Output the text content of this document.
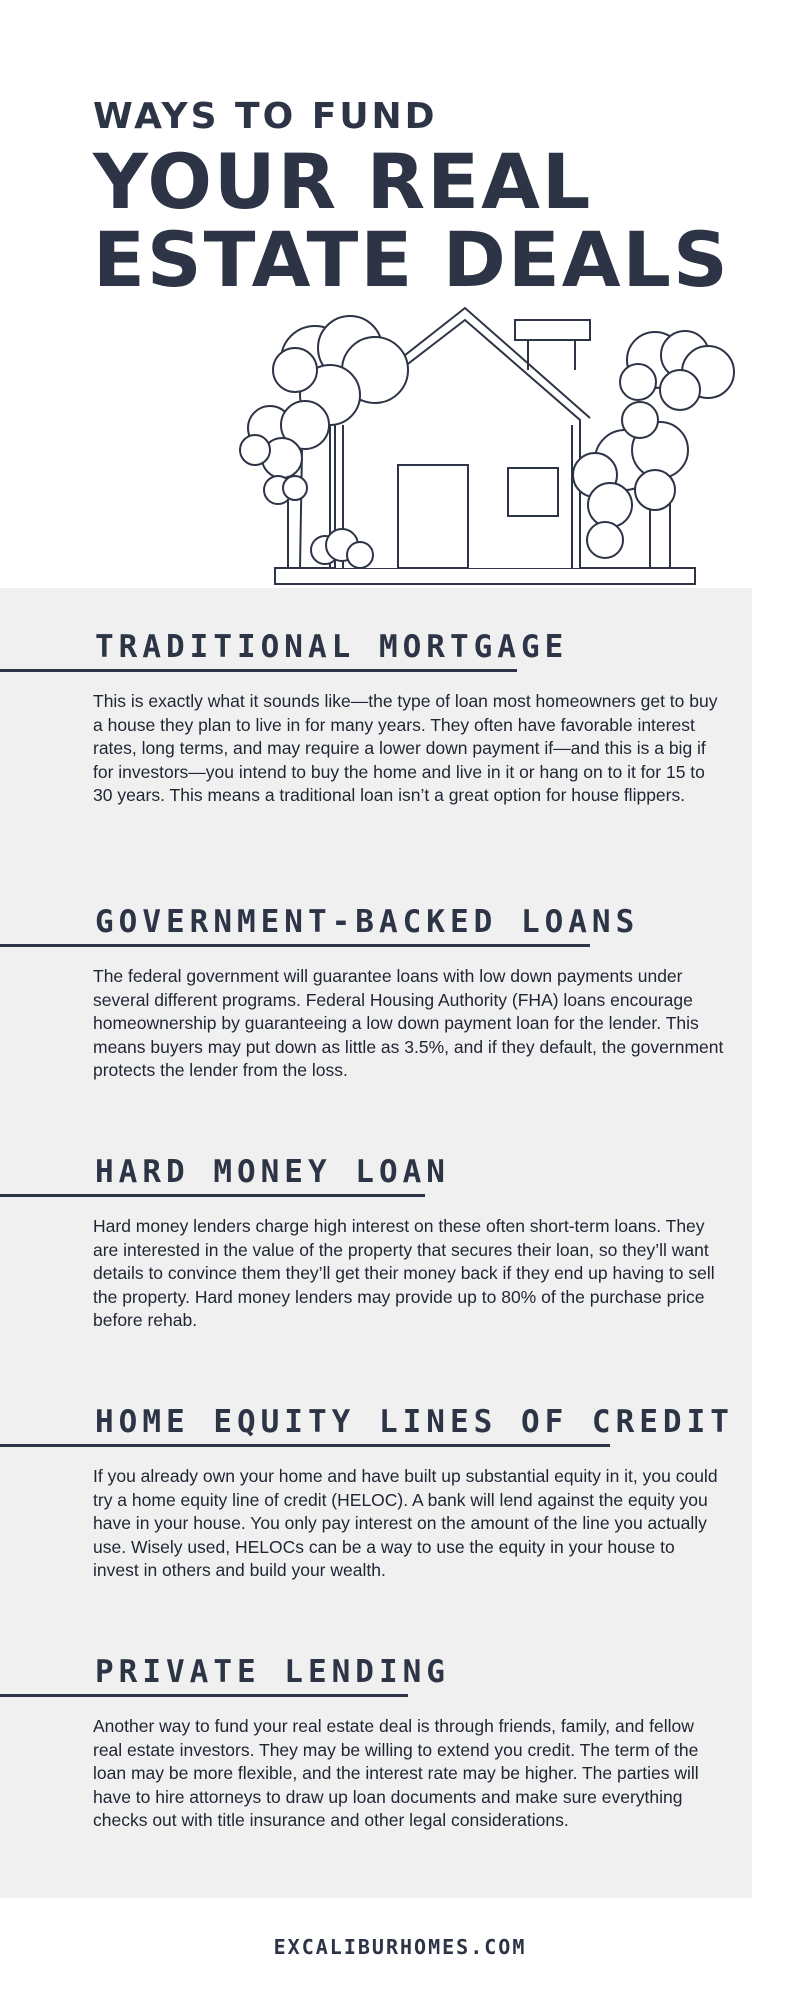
WAYS TO FUND
YOUR REAL
ESTATE DEALS
TRADITIONAL MORTGAGE
This is exactly what it sounds like—the type of loan most homeowners get to buy a house they plan to live in for many years. They often have favorable interest rates, long terms, and may require a lower down payment if—and this is a big if for investors—you intend to buy the home and live in it or hang on to it for 15 to 30 years. This means a traditional loan isn’t a great option for house flippers.
GOVERNMENT-BACKED LOANS
The federal government will guarantee loans with low down payments under several different programs. Federal Housing Authority (FHA) loans encourage homeownership by guaranteeing a low down payment loan for the lender. This means buyers may put down as little as 3.5%, and if they default, the government protects the lender from the loss.
HARD MONEY LOAN
Hard money lenders charge high interest on these often short-term loans. They are interested in the value of the property that secures their loan, so they’ll want details to convince them they’ll get their money back if they end up having to sell the property. Hard money lenders may provide up to 80% of the purchase price before rehab.
HOME EQUITY LINES OF CREDIT
If you already own your home and have built up substantial equity in it, you could try a home equity line of credit (HELOC). A bank will lend against the equity you have in your house. You only pay interest on the amount of the line you actually use. Wisely used, HELOCs can be a way to use the equity in your house to invest in others and build your wealth.
PRIVATE LENDING
Another way to fund your real estate deal is through friends, family, and fellow real estate investors. They may be willing to extend you credit. The term of the loan may be more flexible, and the interest rate may be higher. The parties will have to hire attorneys to draw up loan documents and make sure everything checks out with title insurance and other legal considerations.
EXCALIBURHOMES.COM
